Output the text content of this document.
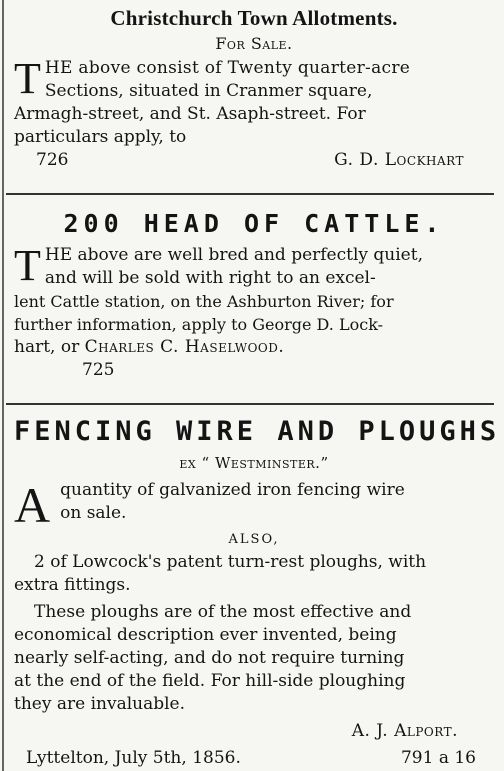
Christchurch Town Allotments.
For Sale.
T HE above consist of Twenty quarter-acre
Sections, situated in Cranmer square,
Armagh-street, and St. Asaph-street. For
particulars apply, to
726	G. D. Lockhart
200 HEAD OF CATTLE.
T HE above are well bred and perfectly quiet,
and will be sold with right to an excel-
lent Cattle station, on the Ashburton River; for
further information, apply to George D. Lock-
hart, or Charles C. Haselwood.
725
FENCING WIRE AND PLOUGHS
ex “ Westminster.”
A quantity of galvanized iron fencing wire
on sale.
ALSO,
2 of Lowcock's patent turn-rest ploughs, with
extra fittings.
These ploughs are of the most effective and
economical description ever invented, being
nearly self-acting, and do not require turning
at the end of the field. For hill-side ploughing
they are invaluable.
A. J. Alport.
Lyttelton, July 5th, 1856.	791 a 16
